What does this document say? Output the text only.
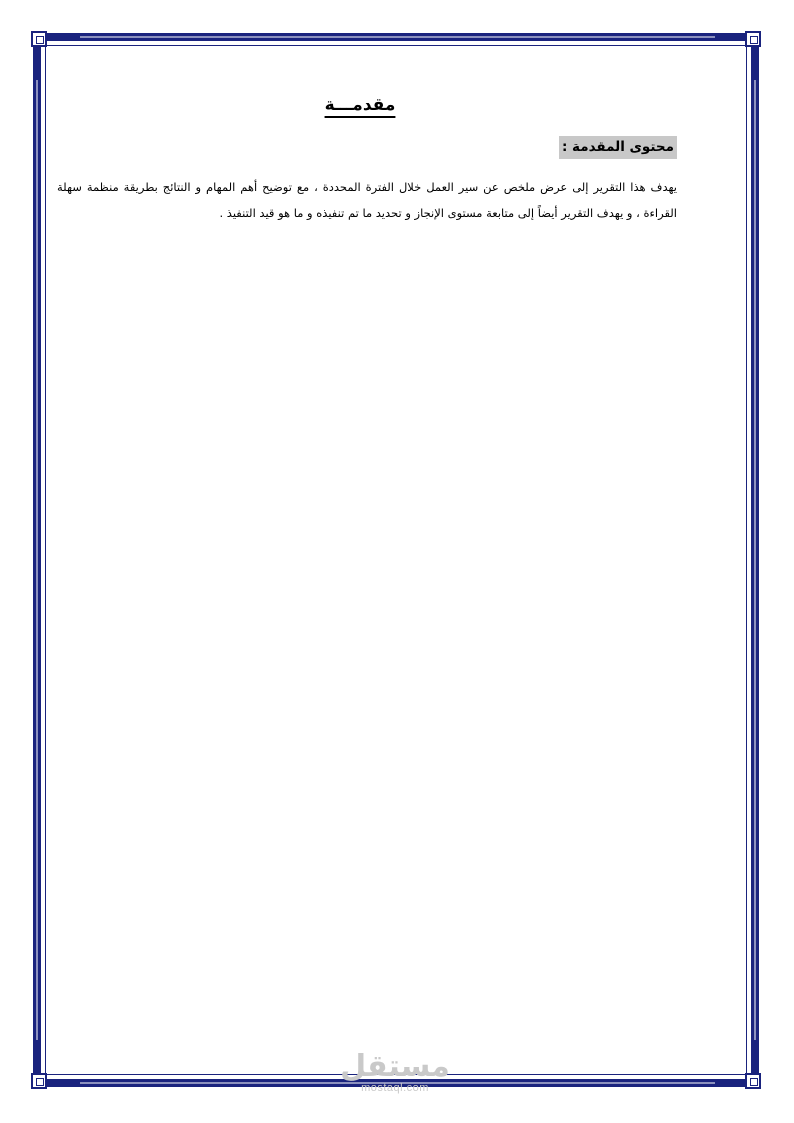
مقدمـــة
محتوى المقدمة :
يهدف هذا التقرير إلى عرض ملخص عن سير العمل خلال الفترة المحددة ، مع توضيح أهم المهام و النتائج بطريقة منظمة سهلة القراءة ، و يهدف التقرير أيضاً إلى متابعة مستوى الإنجاز و تحديد ما تم تنفيذه و ما هو قيد التنفيذ .
مستقل
mostaql.com
